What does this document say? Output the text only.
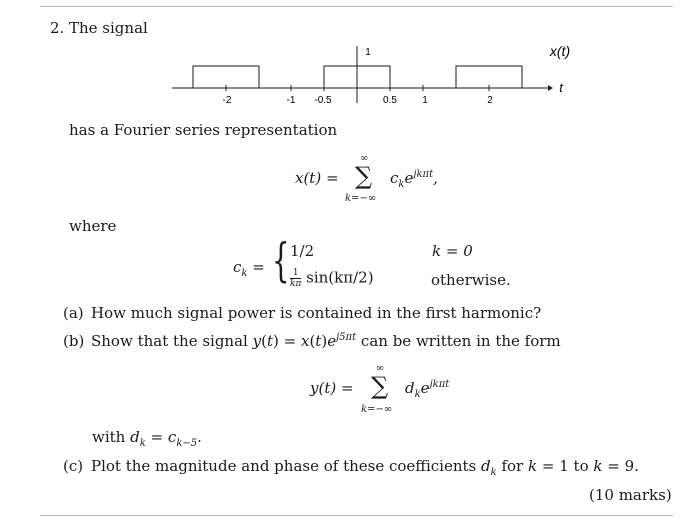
2. The signal
-2	-1 -0.5	0.5	1	2
1	x(t)
t
has a Fourier series representation
x(t) =
∞
∑
k=−∞
$c_ke^{jk\pi t}$,
where
$c_k$ = { 1/2	k = 0
$\frac{1}{k\pi} \sin(k\pi/2)$	otherwise.
(a) How much signal power is contained in the first harmonic?
(b) Show that the signal $y(t) = x(t)e^{j5\pi t}$ can be written in the form
y(t) =
∞
∑
k=−∞
$d_ke^{jk\pi t}$
with $d_k = c_{k-5}$.
(c) Plot the magnitude and phase of these coefficients $d_k$ for k = 1 to k = 9.
(10 marks)
